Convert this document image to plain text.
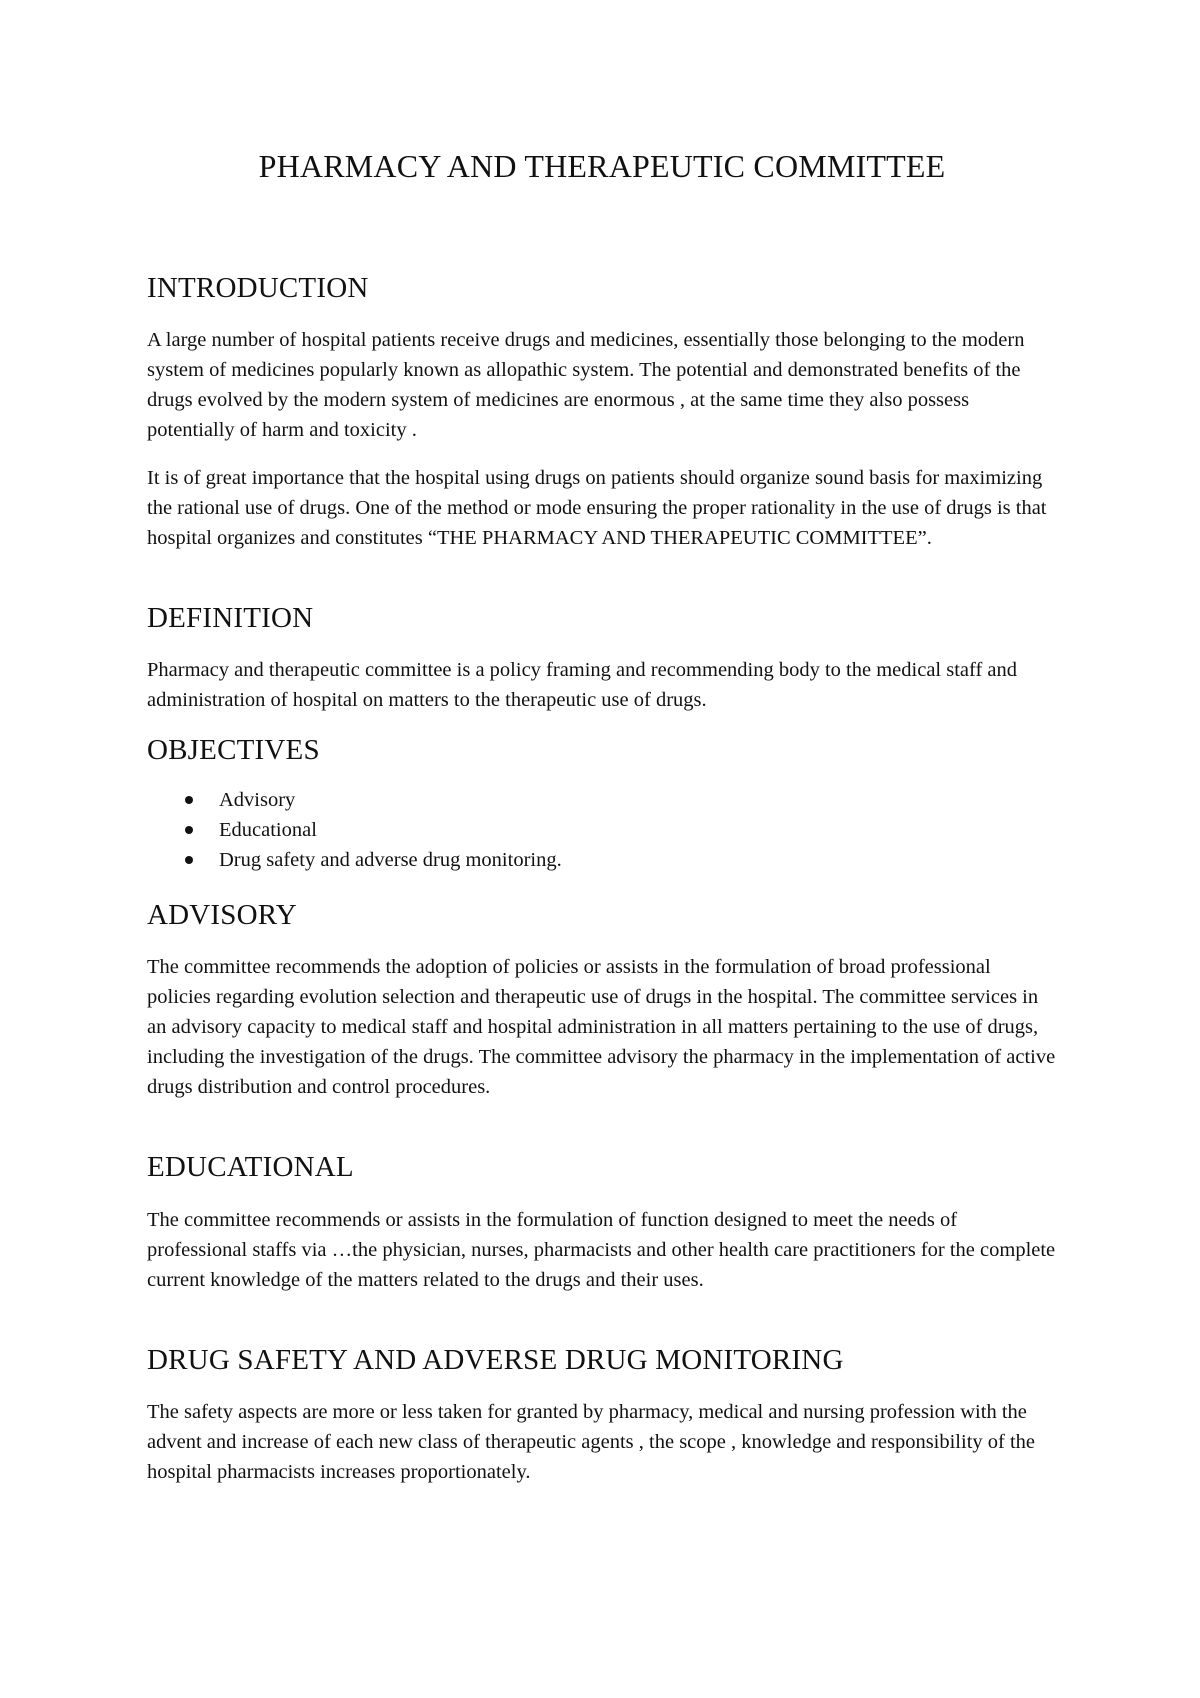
PHARMACY AND THERAPEUTIC COMMITTEE
INTRODUCTION

A large number of hospital patients receive drugs and medicines, essentially those belonging to the modern system of medicines popularly known as allopathic system. The potential and demonstrated benefits of the drugs evolved by the modern system of medicines are enormous , at the same time they also possess potentially of harm and toxicity .

It is of great importance that the hospital using drugs on patients should organize sound basis for maximizing the rational use of drugs. One of the method or mode ensuring the proper rationality in the use of drugs is that hospital organizes and constitutes “THE PHARMACY AND THERAPEUTIC COMMITTEE”.

DEFINITION

Pharmacy and therapeutic committee is a policy framing and recommending body to the medical staff and administration of hospital on matters to the therapeutic use of drugs.

OBJECTIVES
Advisory
Educational
Drug safety and adverse drug monitoring.
ADVISORY

The committee recommends the adoption of policies or assists in the formulation of broad professional policies regarding evolution selection and therapeutic use of drugs in the hospital. The committee services in an advisory capacity to medical staff and hospital administration in all matters pertaining to the use of drugs, including the investigation of the drugs. The committee advisory the pharmacy in the implementation of active drugs distribution and control procedures.

EDUCATIONAL

The committee recommends or assists in the formulation of function designed to meet the needs of professional staffs via …the physician, nurses, pharmacists and other health care practitioners for the complete current knowledge of the matters related to the drugs and their uses.

DRUG SAFETY AND ADVERSE DRUG MONITORING

The safety aspects are more or less taken for granted by pharmacy, medical and nursing profession with the advent and increase of each new class of therapeutic agents , the scope , knowledge and responsibility of the hospital pharmacists increases proportionately.
